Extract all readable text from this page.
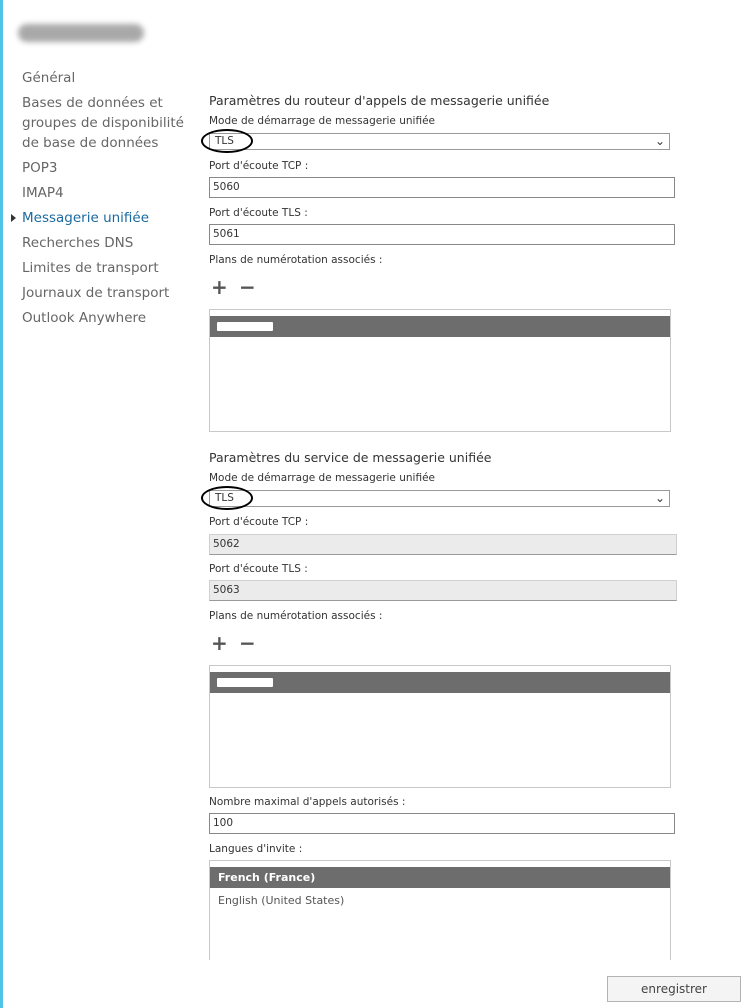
Général
Bases de données et groupes de disponibilité de base de données
POP3
IMAP4
Messagerie unifiée
Recherches DNS
Limites de transport
Journaux de transport
Outlook Anywhere
Paramètres du routeur d'appels de messagerie unifiée
Mode de démarrage de messagerie unifiée
TLS	⌄
Port d'écoute TCP :
5060
Port d'écoute TLS :
5061
Plans de numérotation associés :
+ −
Paramètres du service de messagerie unifiée
Mode de démarrage de messagerie unifiée
TLS	⌄
Port d'écoute TCP :
5062
Port d'écoute TLS :
5063
Plans de numérotation associés :
+ −
Nombre maximal d'appels autorisés :
100
Langues d'invite :
French (France)
English (United States)
enregistrer
